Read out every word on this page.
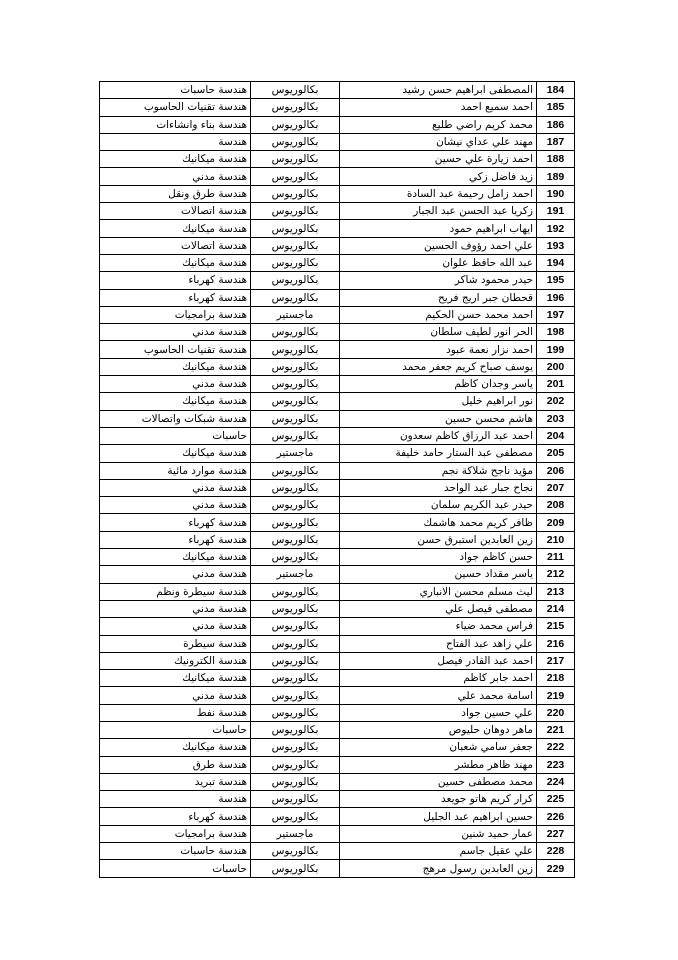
هندسة حاسبات	بكالوريوس	المصطفى ابراهيم حسن رشيد	184
هندسة تقنيات الحاسوب	بكالوريوس	احمد سميع احمد	185
هندسة بناء وانشاءات	بكالوريوس	محمد كريم راضي طليع	186
هندسة	بكالوريوس	مهند علي عداي نيشان	187
هندسة ميكانيك	بكالوريوس	احمد زيارة علي حسين	188
هندسة مدني	بكالوريوس	زيد فاضل زكي	189
هندسة طرق ونقل	بكالوريوس	احمد زامل رحيمة عبد السادة	190
هندسة اتصالات	بكالوريوس	زكريا عبد الحسن عبد الجبار	191
هندسة ميكانيك	بكالوريوس	ايهاب ابراهيم حمود	192
هندسة اتصالات	بكالوريوس	علي احمد رؤوف الحسين	193
هندسة ميكانيك	بكالوريوس	عبد الله حافظ علوان	194
هندسة كهرباء	بكالوريوس	حيدر محمود شاكر	195
هندسة كهرباء	بكالوريوس	قحطان جبر اريج فريح	196
هندسة برامجيات	ماجستير	احمد محمد حسن الحكيم	197
هندسة مدني	بكالوريوس	الحر انور لطيف سلطان	198
هندسة تقنيات الحاسوب	بكالوريوس	احمد نزار نعمة عبود	199
هندسة ميكانيك	بكالوريوس	يوسف صباح كريم جعفر محمد	200
هندسة مدني	بكالوريوس	ياسر وجدان كاظم	201
هندسة ميكانيك	بكالوريوس	نور ابراهيم خليل	202
هندسة شبكات واتصالات	بكالوريوس	هاشم محسن حسين	203
حاسبات	بكالوريوس	احمد عبد الرزاق كاظم سعدون	204
هندسة ميكانيك	ماجستير	مصطفى عبد الستار حامد خليفة	205
هندسة موارد مائية	بكالوريوس	مؤيد ناجح شلاكة نجم	206
هندسة مدني	بكالوريوس	نجاح جبار عبد الواحد	207
هندسة مدني	بكالوريوس	حيدر عبد الكريم سلمان	208
هندسة كهرباء	بكالوريوس	ظافر كريم محمد هاشمك	209
هندسة كهرباء	بكالوريوس	زين العابدين استبرق حسن	210
هندسة ميكانيك	بكالوريوس	حسن كاظم جواد	211
هندسة مدني	ماجستير	ياسر مقداد حسين	212
هندسة سيطرة ونظم	بكالوريوس	ليث مسلم محسن الانباري	213
هندسة مدني	بكالوريوس	مصطفى فيصل علي	214
هندسة مدني	بكالوريوس	فراس محمد ضياء	215
هندسة سيطرة	بكالوريوس	علي زاهد عبد الفتاح	216
هندسة الكترونيك	بكالوريوس	احمد عبد القادر فيصل	217
هندسة ميكانيك	بكالوريوس	احمد جابر كاظم	218
هندسة مدني	بكالوريوس	اسامة محمد علي	219
هندسة نفط	بكالوريوس	علي حسين جواد	220
حاسبات	بكالوريوس	ماهر دوهان حليوص	221
هندسة ميكانيك	بكالوريوس	جعفر سامي شعبان	222
هندسة طرق	بكالوريوس	مهند ظاهر مطشر	223
هندسة تبريد	بكالوريوس	محمد مصطفى حسين	224
هندسة	بكالوريوس	كرار كريم هاتو جويعد	225
هندسة كهرباء	بكالوريوس	حسين ابراهيم عبد الجليل	226
هندسة برامجيات	ماجستير	عمار حميد شنين	227
هندسة حاسبات	بكالوريوس	علي عقيل جاسم	228
حاسبات	بكالوريوس	زين العابدين رسول مرهج	229
